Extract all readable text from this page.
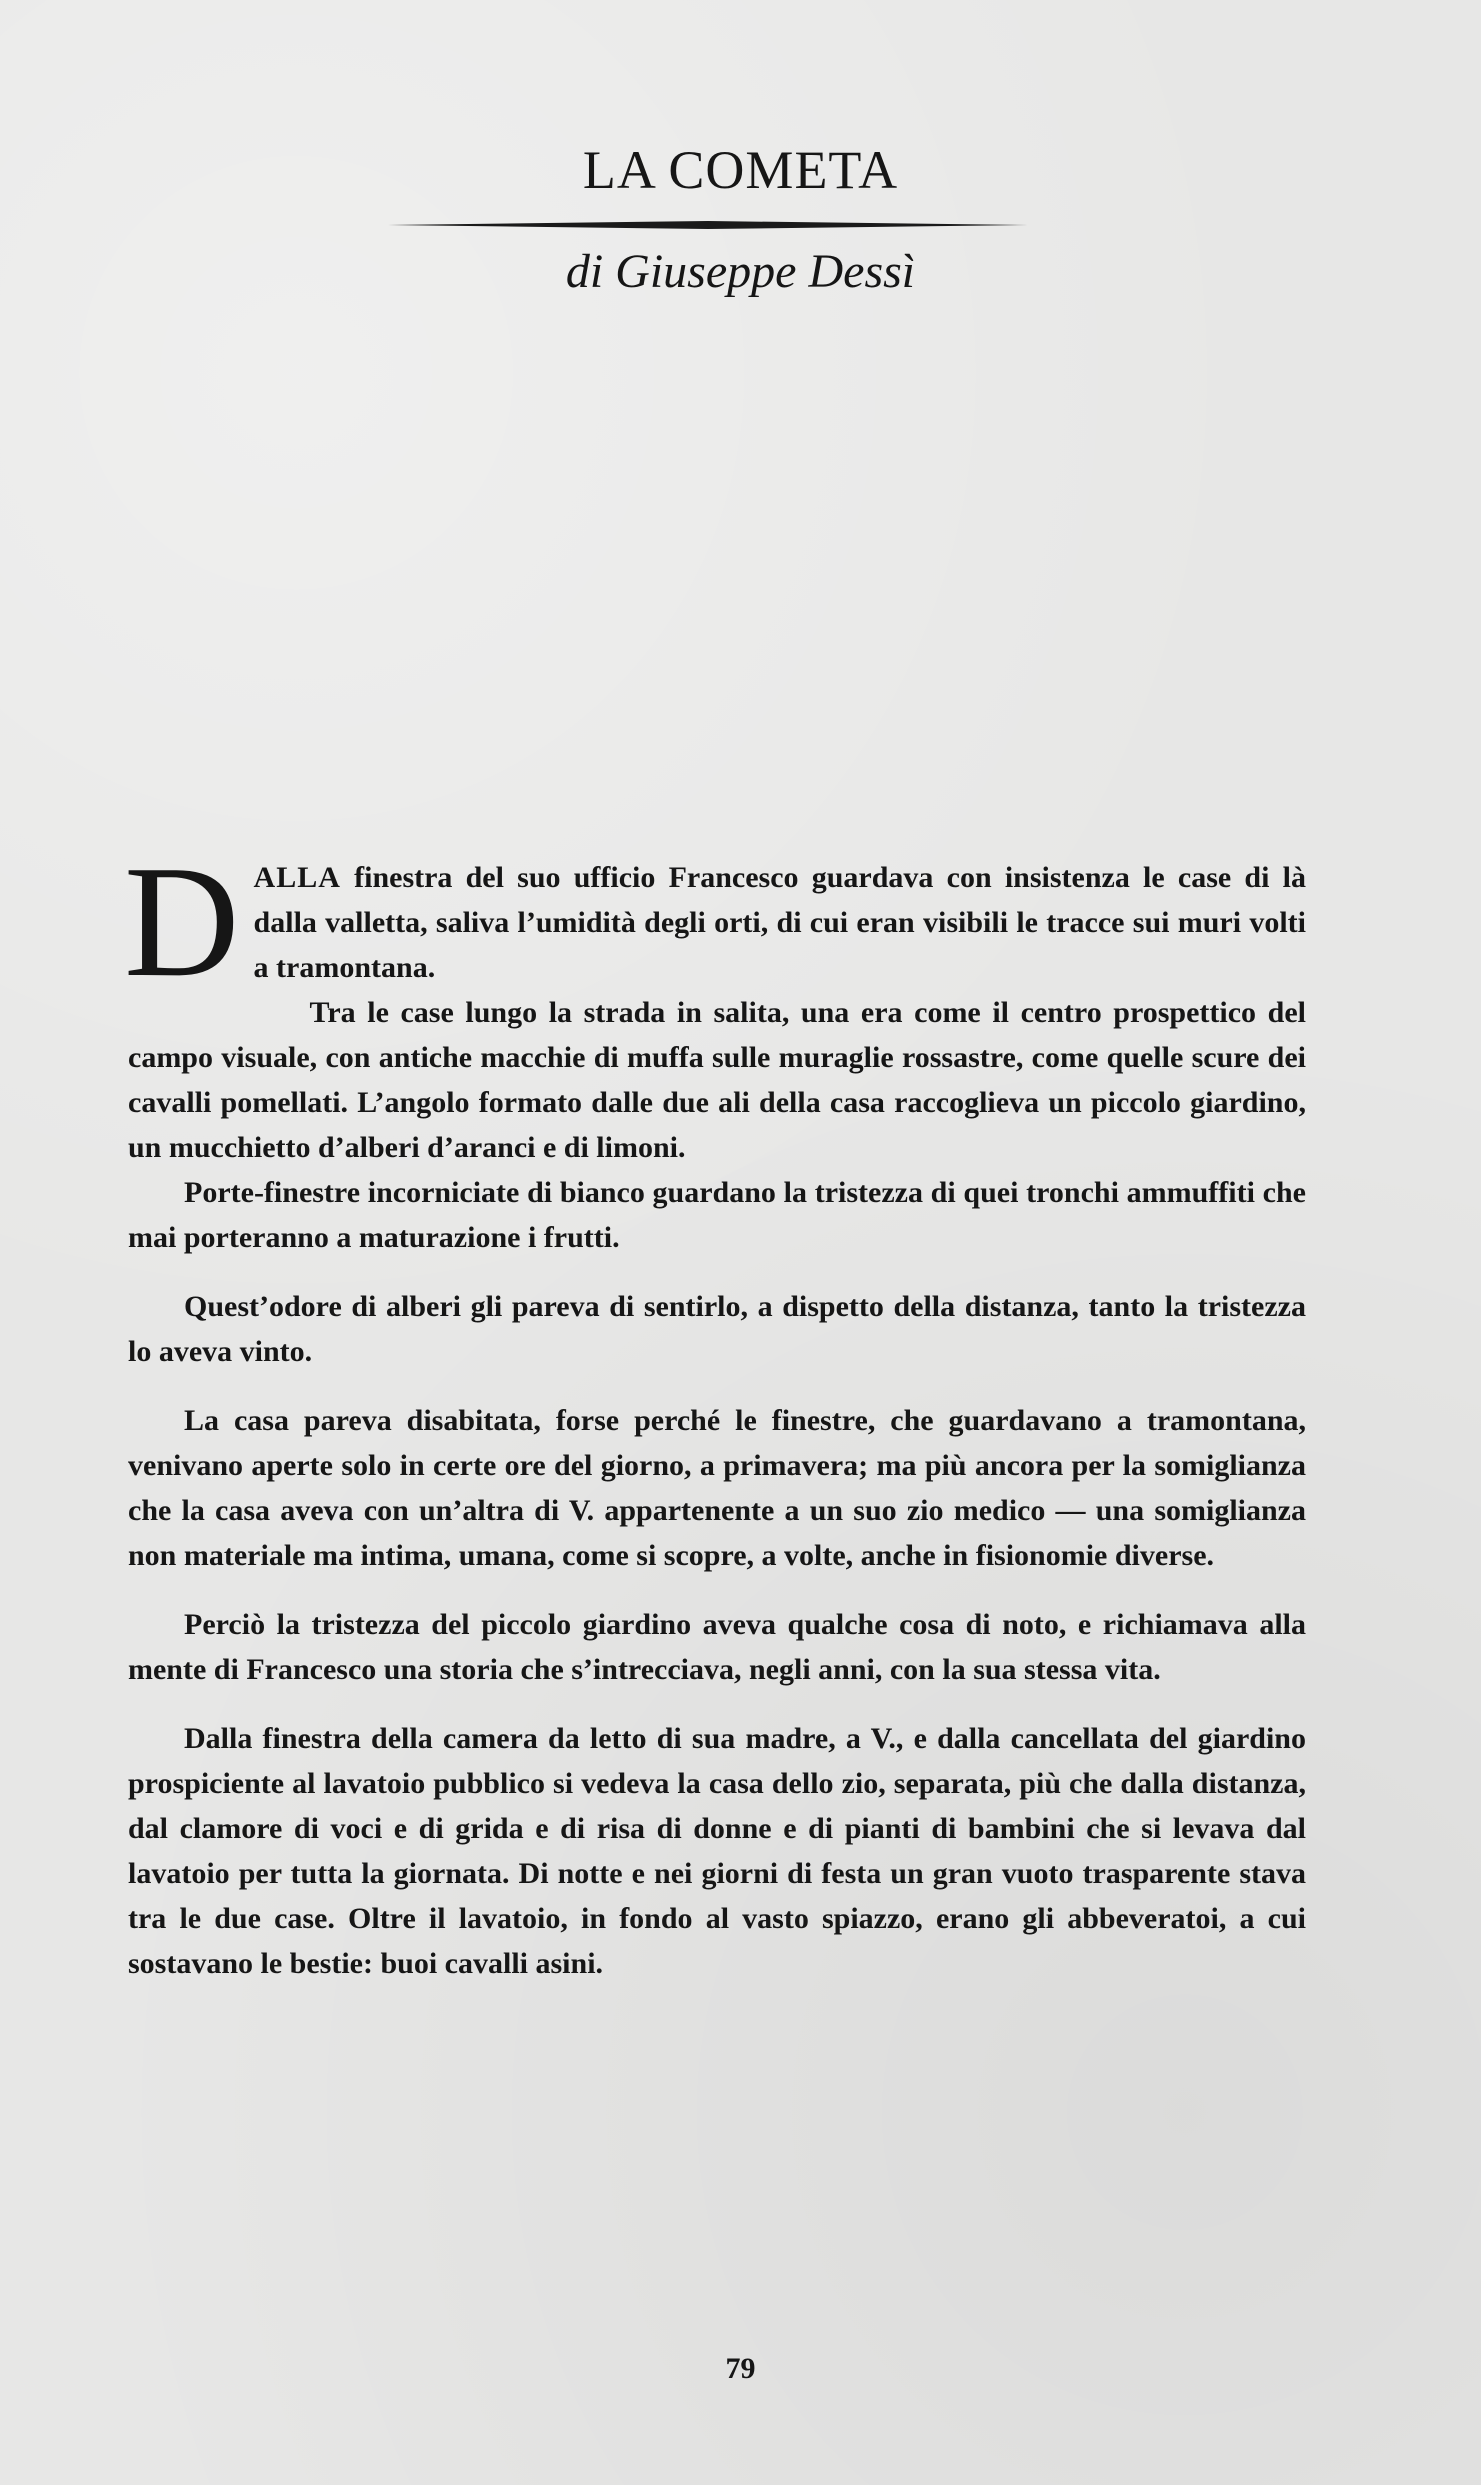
LA COMETA
di Giuseppe Dessì

DALLA finestra del suo ufficio Francesco guardava con insistenza le case di là dalla valletta, saliva l’umidità degli orti, di cui eran visibili le tracce sui muri volti a tramontana.

Tra le case lungo la strada in salita, una era come il centro prospettico del campo visuale, con antiche macchie di muffa sulle muraglie rossastre, come quelle scure dei cavalli pomellati. L’angolo formato dalle due ali della casa raccoglieva un piccolo giardino, un mucchietto d’alberi d’aranci e di limoni.

Porte-finestre incorniciate di bianco guardano la tristezza di quei tronchi ammuffiti che mai porteranno a maturazione i frutti.

Quest’odore di alberi gli pareva di sentirlo, a dispetto della distanza, tanto la tristezza lo aveva vinto.

La casa pareva disabitata, forse perché le finestre, che guardavano a tramontana, venivano aperte solo in certe ore del giorno, a primavera; ma più ancora per la somiglianza che la casa aveva con un’altra di V. appartenente a un suo zio medico — una somiglianza non materiale ma intima, umana, come si scopre, a volte, anche in fisionomie diverse.

Perciò la tristezza del piccolo giardino aveva qualche cosa di noto, e richiamava alla mente di Francesco una storia che s’intrecciava, negli anni, con la sua stessa vita.

Dalla finestra della camera da letto di sua madre, a V., e dalla cancellata del giardino prospiciente al lavatoio pubblico si vedeva la casa dello zio, separata, più che dalla distanza, dal clamore di voci e di grida e di risa di donne e di pianti di bambini che si levava dal lavatoio per tutta la giornata. Di notte e nei giorni di festa un gran vuoto trasparente stava tra le due case. Oltre il lavatoio, in fondo al vasto spiazzo, erano gli abbeveratoi, a cui sostavano le bestie: buoi cavalli asini.

79
